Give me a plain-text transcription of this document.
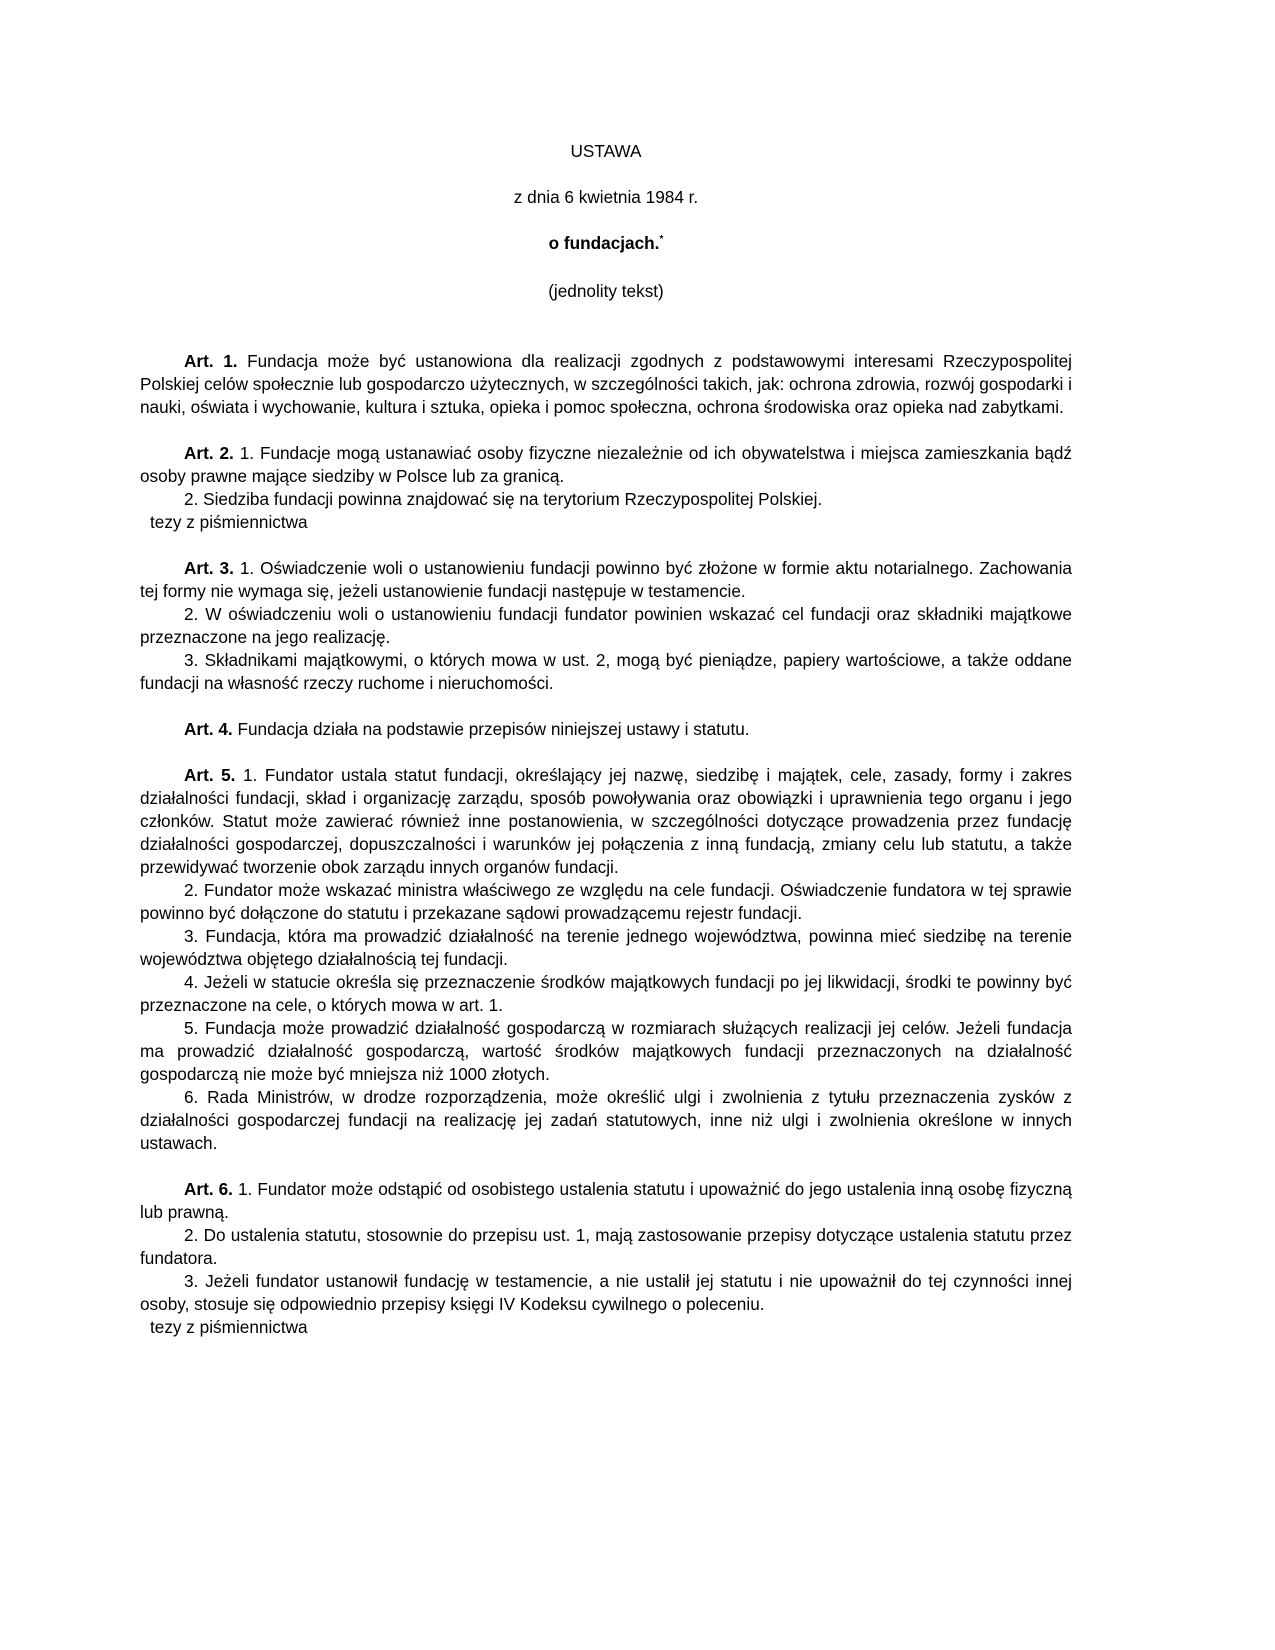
USTAWA
z dnia 6 kwietnia 1984 r.
o fundacjach.*
(jednolity tekst)

Art. 1. Fundacja może być ustanowiona dla realizacji zgodnych z podstawowymi interesami Rzeczypospolitej Polskiej celów społecznie lub gospodarczo użytecznych, w szczególności takich, jak: ochrona zdrowia, rozwój gospodarki i nauki, oświata i wychowanie, kultura i sztuka, opieka i pomoc społeczna, ochrona środowiska oraz opieka nad zabytkami.

Art. 2. 1. Fundacje mogą ustanawiać osoby fizyczne niezależnie od ich obywatelstwa i miejsca zamieszkania bądź osoby prawne mające siedziby w Polsce lub za granicą.

2. Siedziba fundacji powinna znajdować się na terytorium Rzeczypospolitej Polskiej.

tezy z piśmiennictwa

Art. 3. 1. Oświadczenie woli o ustanowieniu fundacji powinno być złożone w formie aktu notarialnego. Zachowania tej formy nie wymaga się, jeżeli ustanowienie fundacji następuje w testamencie.

2. W oświadczeniu woli o ustanowieniu fundacji fundator powinien wskazać cel fundacji oraz składniki majątkowe przeznaczone na jego realizację.

3. Składnikami majątkowymi, o których mowa w ust. 2, mogą być pieniądze, papiery wartościowe, a także oddane fundacji na własność rzeczy ruchome i nieruchomości.

Art. 4. Fundacja działa na podstawie przepisów niniejszej ustawy i statutu.

Art. 5. 1. Fundator ustala statut fundacji, określający jej nazwę, siedzibę i majątek, cele, zasady, formy i zakres działalności fundacji, skład i organizację zarządu, sposób powoływania oraz obowiązki i uprawnienia tego organu i jego członków. Statut może zawierać również inne postanowienia, w szczególności dotyczące prowadzenia przez fundację działalności gospodarczej, dopuszczalności i warunków jej połączenia z inną fundacją, zmiany celu lub statutu, a także przewidywać tworzenie obok zarządu innych organów fundacji.

2. Fundator może wskazać ministra właściwego ze względu na cele fundacji. Oświadczenie fundatora w tej sprawie powinno być dołączone do statutu i przekazane sądowi prowadzącemu rejestr fundacji.

3. Fundacja, która ma prowadzić działalność na terenie jednego województwa, powinna mieć siedzibę na terenie województwa objętego działalnością tej fundacji.

4. Jeżeli w statucie określa się przeznaczenie środków majątkowych fundacji po jej likwidacji, środki te powinny być przeznaczone na cele, o których mowa w art. 1.

5. Fundacja może prowadzić działalność gospodarczą w rozmiarach służących realizacji jej celów. Jeżeli fundacja ma prowadzić działalność gospodarczą, wartość środków majątkowych fundacji przeznaczonych na działalność gospodarczą nie może być mniejsza niż 1000 złotych.

6. Rada Ministrów, w drodze rozporządzenia, może określić ulgi i zwolnienia z tytułu przeznaczenia zysków z działalności gospodarczej fundacji na realizację jej zadań statutowych, inne niż ulgi i zwolnienia określone w innych ustawach.

Art. 6. 1. Fundator może odstąpić od osobistego ustalenia statutu i upoważnić do jego ustalenia inną osobę fizyczną lub prawną.

2. Do ustalenia statutu, stosownie do przepisu ust. 1, mają zastosowanie przepisy dotyczące ustalenia statutu przez fundatora.

3. Jeżeli fundator ustanowił fundację w testamencie, a nie ustalił jej statutu i nie upoważnił do tej czynności innej osoby, stosuje się odpowiednio przepisy księgi IV Kodeksu cywilnego o poleceniu.

tezy z piśmiennictwa
